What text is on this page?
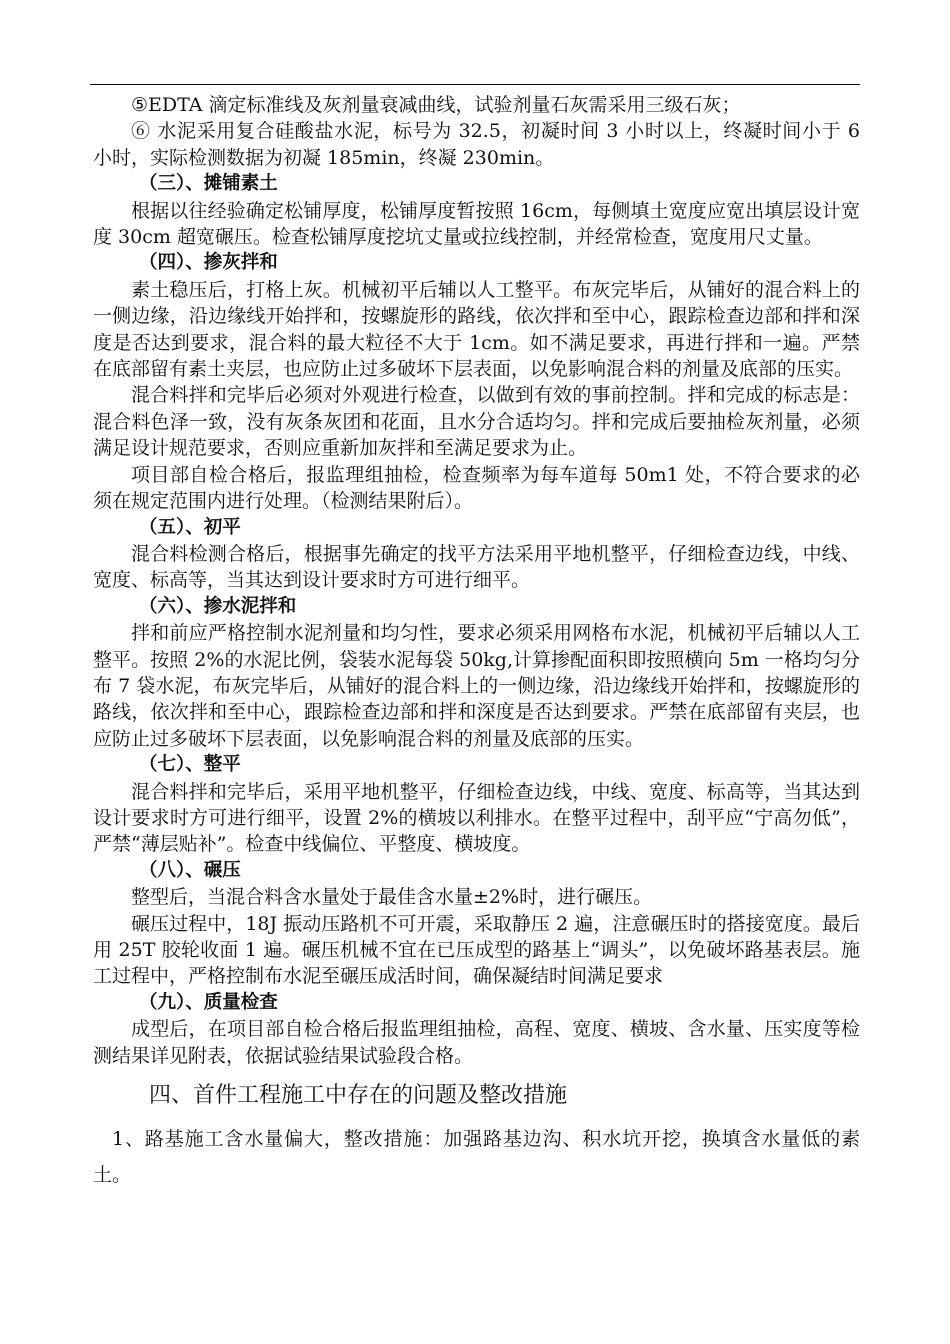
⑤EDTA 滴定标准线及灰剂量衰减曲线，试验剂量石灰需采用三级石灰；

⑥ 水泥采用复合硅酸盐水泥，标号为 32.5，初凝时间 3 小时以上，终凝时间小于 6 小时，实际检测数据为初凝 185min，终凝 230min。

（三）、摊铺素土

根据以往经验确定松铺厚度，松铺厚度暂按照 16cm，每侧填土宽度应宽出填层设计宽度 30cm 超宽碾压。检查松铺厚度挖坑丈量或拉线控制，并经常检查，宽度用尺丈量。

（四）、掺灰拌和

素土稳压后，打格上灰。机械初平后辅以人工整平。布灰完毕后，从铺好的混合料上的一侧边缘，沿边缘线开始拌和，按螺旋形的路线，依次拌和至中心，跟踪检查边部和拌和深度是否达到要求，混合料的最大粒径不大于 1cm。如不满足要求，再进行拌和一遍。严禁在底部留有素土夹层，也应防止过多破坏下层表面，以免影响混合料的剂量及底部的压实。

混合料拌和完毕后必须对外观进行检查，以做到有效的事前控制。拌和完成的标志是：混合料色泽一致，没有灰条灰团和花面，且水分合适均匀。拌和完成后要抽检灰剂量，必须满足设计规范要求，否则应重新加灰拌和至满足要求为止。

项目部自检合格后，报监理组抽检，检查频率为每车道每 50m1 处，不符合要求的必须在规定范围内进行处理。（检测结果附后）。

（五）、初平

混合料检测合格后，根据事先确定的找平方法采用平地机整平，仔细检查边线，中线、宽度、标高等，当其达到设计要求时方可进行细平。

（六）、掺水泥拌和

拌和前应严格控制水泥剂量和均匀性，要求必须采用网格布水泥，机械初平后辅以人工整平。按照 2%的水泥比例，袋装水泥每袋 50kg,计算掺配面积即按照横向 5m 一格均匀分布 7 袋水泥，布灰完毕后，从铺好的混合料上的一侧边缘，沿边缘线开始拌和，按螺旋形的路线，依次拌和至中心，跟踪检查边部和拌和深度是否达到要求。严禁在底部留有夹层，也应防止过多破坏下层表面，以免影响混合料的剂量及底部的压实。

（七）、整平

混合料拌和完毕后，采用平地机整平，仔细检查边线，中线、宽度、标高等，当其达到设计要求时方可进行细平，设置 2%的横坡以利排水。在整平过程中，刮平应“宁高勿低”，严禁“薄层贴补”。检查中线偏位、平整度、横坡度。

（八）、碾压

整型后，当混合料含水量处于最佳含水量±2%时，进行碾压。

碾压过程中，18J 振动压路机不可开震，采取静压 2 遍，注意碾压时的搭接宽度。最后用 25T 胶轮收面 1 遍。碾压机械不宜在已压成型的路基上“调头”，以免破坏路基表层。施工过程中，严格控制布水泥至碾压成活时间，确保凝结时间满足要求

（九）、质量检查

成型后，在项目部自检合格后报监理组抽检，高程、宽度、横坡、含水量、压实度等检测结果详见附表，依据试验结果试验段合格。

四、首件工程施工中存在的问题及整改措施

1、路基施工含水量偏大，整改措施：加强路基边沟、积水坑开挖，换填含水量低的素土。
